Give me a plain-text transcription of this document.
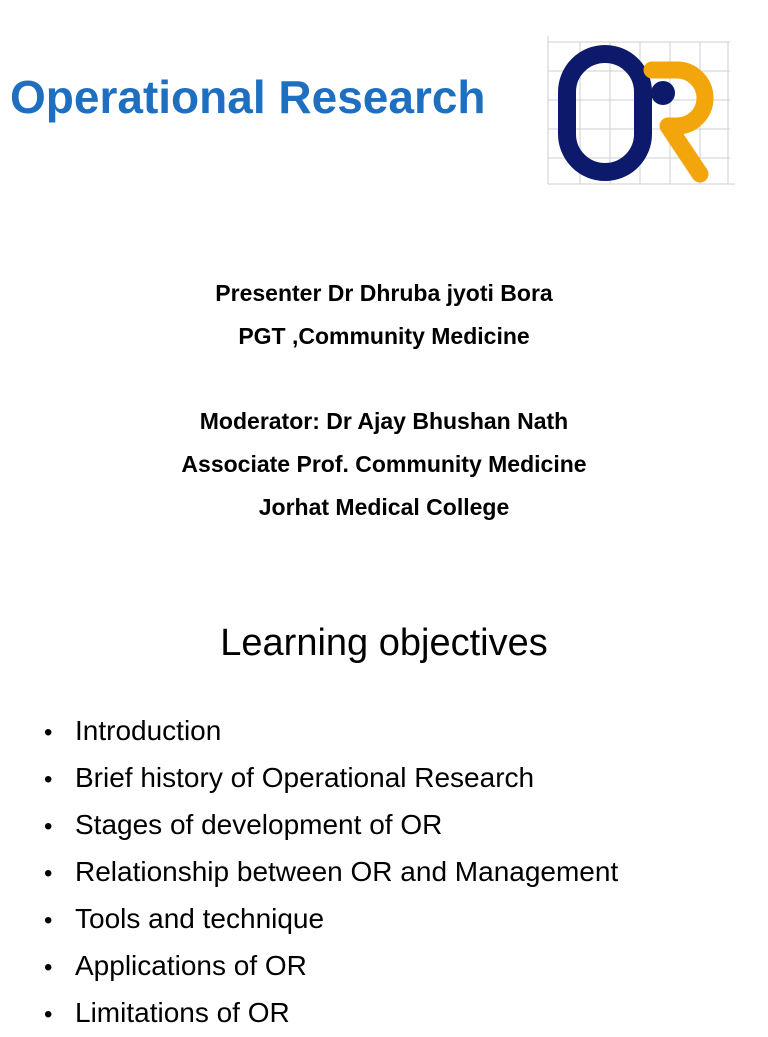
Operational Research
Presenter Dr Dhruba jyoti Bora
PGT ,Community Medicine
Moderator: Dr Ajay Bhushan Nath
Associate Prof. Community Medicine
Jorhat Medical College
Learning objectives
• Introduction
• Brief history of Operational Research
• Stages of development of OR
• Relationship between OR and Management
• Tools and technique
• Applications of OR
• Limitations of OR
